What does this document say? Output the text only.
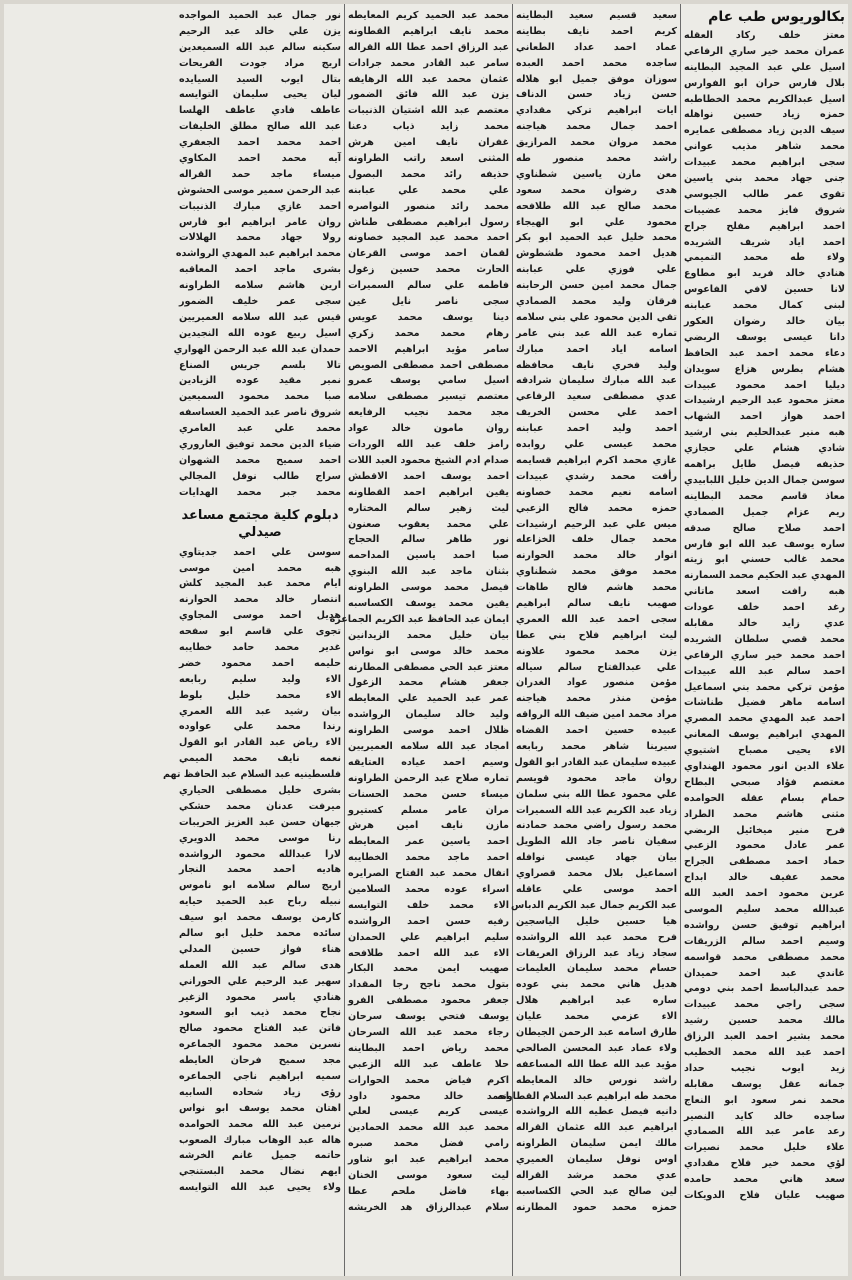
بكالوريوس طب عام
معتز خلف ركاد العقله
عمران محمد خير ساري الرفاعي
اسيل علي عبد المجيد البطاينه
بلال فارس حران ابو الفوارس
اسيل عبدالكريم محمد الخطاطبه
حمزه زياد حسين نواهله
سيف الدين زياد مصطفى عمايره
محمد شاهر مذيب عواني
سجى ابراهيم محمد عبيدات
جنى جهاد محمد بني ياسين
تقوى عمر طالب الجيوسي
شروق فايز محمد عضيبات
احمد ابراهيم مفلح جراح
احمد اياد شريف الشريده
ولاء طه محمد التميمي
هنادي خالد فريد ابو مطاوع
لانا حسين لافي الفاعوس
لبنى كمال محمد عبابنه
بيان خالد رضوان العكور
دانا عيسى يوسف الربضي
دعاء محمد احمد عبد الحافظ
هشام بطرس هزاع سويدان
ديليا احمد محمود عبيدات
معتز محمود عبد الرحيم ارشيدات
احمد هواز احمد الشهاب
هبه منير عبدالحليم بني ارشيد
شادي هشام علي حجازي
حذيفه فيصل طايل براهمه
سوسن جمال الدين خليل اللبابيدي
معاذ قاسم محمد البطاينه
ريم عزام جميل الصمادي
احمد صلاح صالح صدقه
ساره يوسف عبد الله ابو فارس
محمد غالب حسني ابو زيته
المهدي عبد الحكيم محمد السمارنه
هبه رافت اسعد ماتاني
رغد احمد خلف عودات
عدي زايد خالد مقابله
محمد قصي سلطان الشريده
احمد محمد خير ساري الرفاعي
احمد سالم عبد الله عبيدات
مؤمن تركي محمد بني اسماعيل
اسامه ماهر فضيل طناشات
احمد عبد المهدي محمد المصري
المهدي ابراهيم يوسف المعاني
الاء يحيى مصباح اشتيوي
علاء الدين انور محمود الهنداوي
معتصم فؤاد صبحي البطاح
حمام بسام عقله الحوامده
مثنى هاشم محمد الطراد
فرح منير ميخائيل الربضي
عمر عادل محمود الزعبي
حماد احمد مصطفى الجراح
محمد عفيف خالد ابداح
عرين محمود احمد العبد الله
عبدالله محمد سليم الموسى
ابراهيم توفيق حسن رواشده
وسيم احمد سالم الزريقات
محمد مصطفى محمد قواسمه
غاندي عبد احمد حميدان
حمد عبدالباسط احمد بني دومي
سجى راجي محمد عبيدات
مالك محمد حسين رشيد
محمد بشير احمد العبد الرزاق
احمد عبد الله محمد الخطيب
زيد ايوب نجيب حداد
جمانه عقل يوسف مقابله
محمد نمر سعود ابو النعاج
ساجده خالد كايد النصير
رعد عامر عبد الله الصمادي
علاء خليل محمد نصيرات
لؤي محمد خير فلاح مقدادي
سعد هاني محمد حامده
صهيب عليان فلاح الدويكات
سعيد قسيم سعيد البطاينه
كريم احمد نايف بطاينه
عماد احمد عداد الطعاني
ساجده محمد احمد العبده
سوزان موفق جميل ابو هلاله
حسن زياد حسن الدناف
ايات ابراهيم تركي مقدادي
احمد جمال محمد هياجنه
محمد مروان محمد المرازيق
راشد محمد منصور طه
معن مازن ياسين شطناوي
هدى رضوان محمد سعود
محمد صالح عبد الله طلافحه
محمود علي ابو الهيجاء
محمد خليل عبد الحميد ابو بكر
هديل احمد محمود طشطوش
علي فوزي علي عبابنه
جمال محمد امين حسن الرحابنه
فرقان وليد محمد الصمادي
تقي الدين محمود علي بني سلامه
تماره عبد الله عبد بني عامر
اسامه اياد احمد مبارك
وليد فخري نايف محافظه
عبد الله مبارك سليمان شرادقه
عدي مصطفى سعيد الرفاعي
احمد علي محسن الخريف
احمد وليد احمد عبابنه
محمد عيسى علي روابده
غازي محمد اكرم ابراهيم قسايمه
رأفت محمد رشدي عبيدات
اسامه نعيم محمد خصاونه
حمزه محمد فالح الزعبي
ميس علي عبد الرحيم ارشيدات
محمد جمال خلف الخزاعله
انوار خالد محمد الحوارنه
محمد موفق محمد شطناوي
محمد هاشم فالح طاهات
صهيب نايف سالم ابراهيم
سجى احمد عبد الله العمري
ليث ابراهيم فلاح بني عطا
يزن محمد محمود علاونه
علي عبدالفتاح سالم سياله
مؤمن منصور عواد الغدران
مؤمن منذر محمد هياجنه
مراد محمد امين ضيف الله الرواقه
عبيده حسين احمد القضاه
سيرينا شاهر محمد ربابعه
عبيده سليمان عبد القادر ابو القول
روان ماجد محمود قويسم
علي محمود عطا الله بني سلمان
زياد عبد الكريم عبد الله السميرات
محمد رسول راضي محمد حمادنه
سفيان ناصر جاد الله الطويل
بيان جهاد عيسى نوافله
اسماعيل بلال محمد قصراوي
احمد موسى علي عاقله
عبد الكريم جمال عبد الكريم الدباس
هيا حسين خليل الياسجين
فرح محمد عبد الله الرواشده
سجاد زياد عبد الرزاق العريقات
حسام محمد سليمان العليمات
هديل هاني محمد بني عوده
ساره عبد ابراهيم هلال
الاء عزمي محمد عليان
طارق اسامه عبد الرحمن الجيطان
ولاء عماد عبد المحسن الصالحي
مؤيد عبد الله عطا الله المساعفه
راشد نورس خالد المعايطه
محمد طه ابراهيم عبد السلام القطاونه
دانيه فيصل عطيه الله الرواشده
ابراهيم عبد الله عثمان القراله
مالك ايمن سليمان الطراونه
اوس نوفل سليمان العميري
عدي محمد مرشد القراله
لين صالح عبد الحي الكساسبه
حمزه محمد حمود المطارنه
محمد عبد الحميد كريم المعايطه
محمد نايف ابراهيم القطاونه
عبد الرزاق احمد عطا الله القراله
سامر عبد القادر محمد جرادات
عثمان محمد عبد الله الرهايفه
يزن عبد الله فائق الضمور
معتصم عبد الله اشتيان الذنيبات
محمد زايد ذياب دعنا
غفران نايف امين هرش
المثنى اسعد راتب الطراونه
حذيفه رائد محمد البصول
علي محمد علي عبابنه
محمد رائد منصور النواصره
رسول ابراهيم مصطفى طناش
احمد محمد عبد المجيد خصاونه
لقمان احمد موسى القرعان
الحارث محمد حسين زغول
فاطمه علي سالم السميرات
سجى ناصر نايل غين
دينا يوسف محمد عويس
رهام محمد محمد زكري
سامر مؤيد ابراهيم الاحمد
مصطفى احمد مصطفى الصويص
اسيل سامي يوسف عمرو
معتصم تيسير مصطفى سلامه
مجد محمد نجيب الرفايعه
روان مامون خالد عواد
رامز خلف عبد الله الوردات
صدام ادم الشيخ محمود العبد اللات
احمد يوسف احمد الاقطش
يقين ابراهيم احمد القطاونه
ليث زهير سالم المختاره
علي محمد يعقوب صعنون
نور طاهر سالم الحجاج
صبا احمد ياسين المداحمه
بثنان ماجد عبد الله البنوي
فيصل محمد موسى الطراونه
يقين محمد يوسف الكساسبه
ايمان عبد الحافظ عبد الكريم الجماعره
بيان خليل محمد الزيدانين
محمد خالد موسى ابو نواس
معتز عبد الحي مصطفى المطارنه
جعفر هشام محمد الزغول
عمر عبد الحميد علي المعايطه
وليد خالد سليمان الرواشده
ظلال احمد موسى الطراونه
امجاد عبد الله سلامه العميريين
وسيم احمد عياده العتايقه
تماره صلاح عبد الرحمن الطراونه
ميساء حسن محمد الحسنات
مران عامر مسلم كستيرو
مازن نايف امين هرش
احمد ياسين عمر المعايطه
احمد ماجد محمد الخطايبه
انفال محمد عبد الفتاح الصرايره
اسراء عوده محمد السلامين
الاء محمد خلف التوايسه
رفيه حسن احمد الرواشده
سليم ابراهيم علي الحمدان
الاء عبد الله احمد طلافحه
صهيب ايمن محمد البكار
بتول محمد ناجح رجا المقداد
جعفر محمود مصطفى الفرو
يوسف فتحي يوسف سرحان
رجاء محمد عبد الله السرحان
محمد رياض احمد البطاينه
حلا عاطف عبد الله الزعبي
اكرم فياض محمد الحوارات
احمد خالد محمود داود
عيسى كريم عيسى لعلي
محمد عبد الله محمد الحمادين
رامي فضل محمد صبره
محمد ابراهيم عبد ابو شاور
ليث سعود موسى الخنان
بهاء فاضل ملحم عطا
سلام عبدالرزاق هد الخريشه
نور جمال عبد الحميد المواجده
يزن علي خالد عبد الرحيم
سكينه سالم عبد الله السميعدين
اريج مراد جودت الفريحات
بتال ايوب السيد السيايده
ليان يحيى سليمان التوايسه
عاطف فادي عاطف الهلسا
عبد الله صالح مطلق الخليفات
احمد محمد احمد الجعفري
آيه محمد احمد المكاوي
ميساء ماجد حمد القراله
عبد الرحمن سمير موسى الحشوش
احمد غازي مبارك الذنيبات
روان عامر ابراهيم ابو فارس
رولا جهاد محمد الهلالات
محمد ابراهيم عبد المهدي الرواشده
بشرى ماجد احمد المعاقبه
ارين هاشم سلامه الطراونه
سجى عمر خليف الضمور
قيس عبد الله سلامه العميريين
اسيل ربيع عوده الله النجيدين
حمدان عبد الله عبد الرحمن الهواري
تالا بلسم جريس الصناع
نمير مقيد عوده الزيادين
صبا محمد محمود السميعين
شروق ناصر عبد الحميد العساسفه
محمد علي عبد العامري
ضياء الدين محمد توفيق العاروري
احمد سميح محمد الشهوان
سراج طالب نوفل المجالي
محمد جبر محمد الهدايات
دبلوم كلية مجتمع مساعد صيدلي
سوسن علي احمد جديتاوي
هبه محمد امين موسى
ايام محمد عبد المجيد كلش
انتصار خالد محمد الحوارنه
هديل احمد موسى المجاوي
تجوى علي قاسم ابو سفحه
غدير محمد حامد خطايبه
حليمه احمد محمود خضر
الاء وليد سليم ربابعه
الاء محمد خليل بلوط
بيان رشيد عبد الله العمري
رندا محمد علي عواوده
الاء رياض عبد القادر ابو القول
نعمه نايف محمد الميمي
فلسطينيه عبد السلام عبد الحافظ تهم
بشرى خليل مصطفى الحياري
ميرفت عدنان محمد حشكي
جيهان حسن عبد العزيز الحريبات
رنا موسى محمد الدويري
لارا عبدالله محمود الرواشده
هاديه احمد محمد النجار
اريج سالم سلامه ابو ناموس
نبيله رباح عبد الحميد حيايه
كارمن يوسف محمد ابو سيف
سائده محمد خليل ابو سالم
هناء فواز حسين المدلي
هدى سالم عبد الله العمله
سهير عبد الرحيم علي الحوراني
هنادي ياسر محمود الزغير
نجاح محمد ذيب ابو السعود
فاتن عبد الفتاح محمود صالح
نسرين محمد محمود الجماعره
مجد سميح فرحان العايطه
سميه ابراهيم ناجي الجماعره
رؤى زياد شحاده السابيه
اهتان محمد يوسف ابو نواس
نرمين عبد الله محمد الحوامده
هاله عبد الوهاب مبارك الصعوب
حاتمه جميل غانم الخرشه
ايهم نضال محمد البستنجي
ولاء يحيى عبد الله التوايسه
